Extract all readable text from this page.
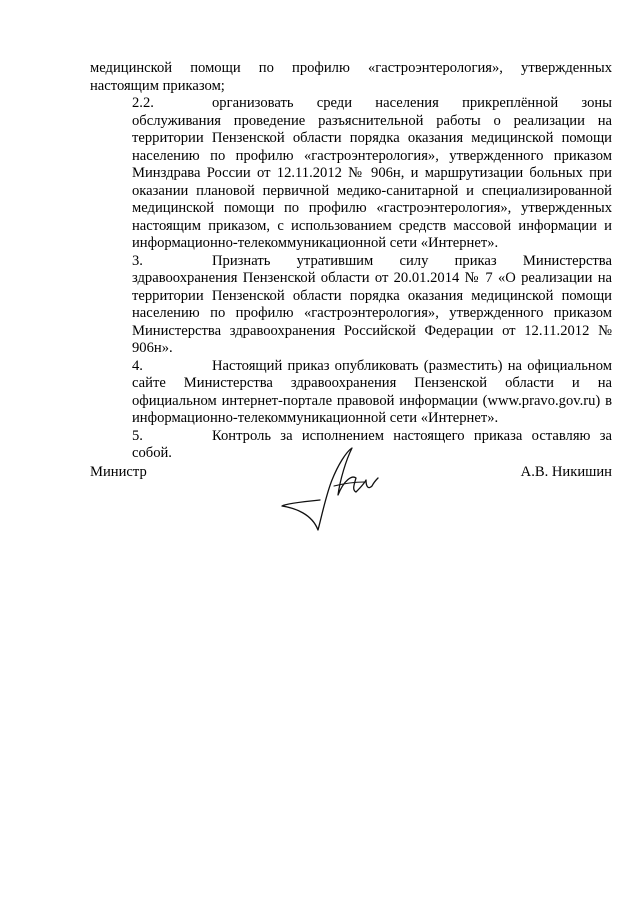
медицинской помощи по профилю «гастроэнтерология», утвержденных настоящим приказом;

2.2.	организовать среди населения прикреплённой зоны обслуживания проведение разъяснительной работы о реализации на территории Пензенской области порядка оказания медицинской помощи населению по профилю «гастроэнтерология», утвержденного приказом Минздрава России от 12.11.2012 № 906н, и маршрутизации больных при оказании плановой первичной медико-санитарной и специализированной медицинской помощи по профилю «гастроэнтерология», утвержденных настоящим приказом, с использованием средств массовой информации и информационно-телекоммуникационной сети «Интернет».

3.	Признать утратившим силу приказ Министерства здравоохранения Пензенской области от 20.01.2014 № 7 «О реализации на территории Пензенской области порядка оказания медицинской помощи населению по профилю «гастроэнтерология», утвержденного приказом Министерства здравоохранения Российской Федерации от 12.11.2012 № 906н».

4.	Настоящий приказ опубликовать (разместить) на официальном сайте Министерства здравоохранения Пензенской области и на официальном интернет-портале правовой информации (www.pravo.gov.ru) в информационно-телекоммуникационной сети «Интернет».

5.	Контроль за исполнением настоящего приказа оставляю за собой.

Министр	А.В. Никишин
